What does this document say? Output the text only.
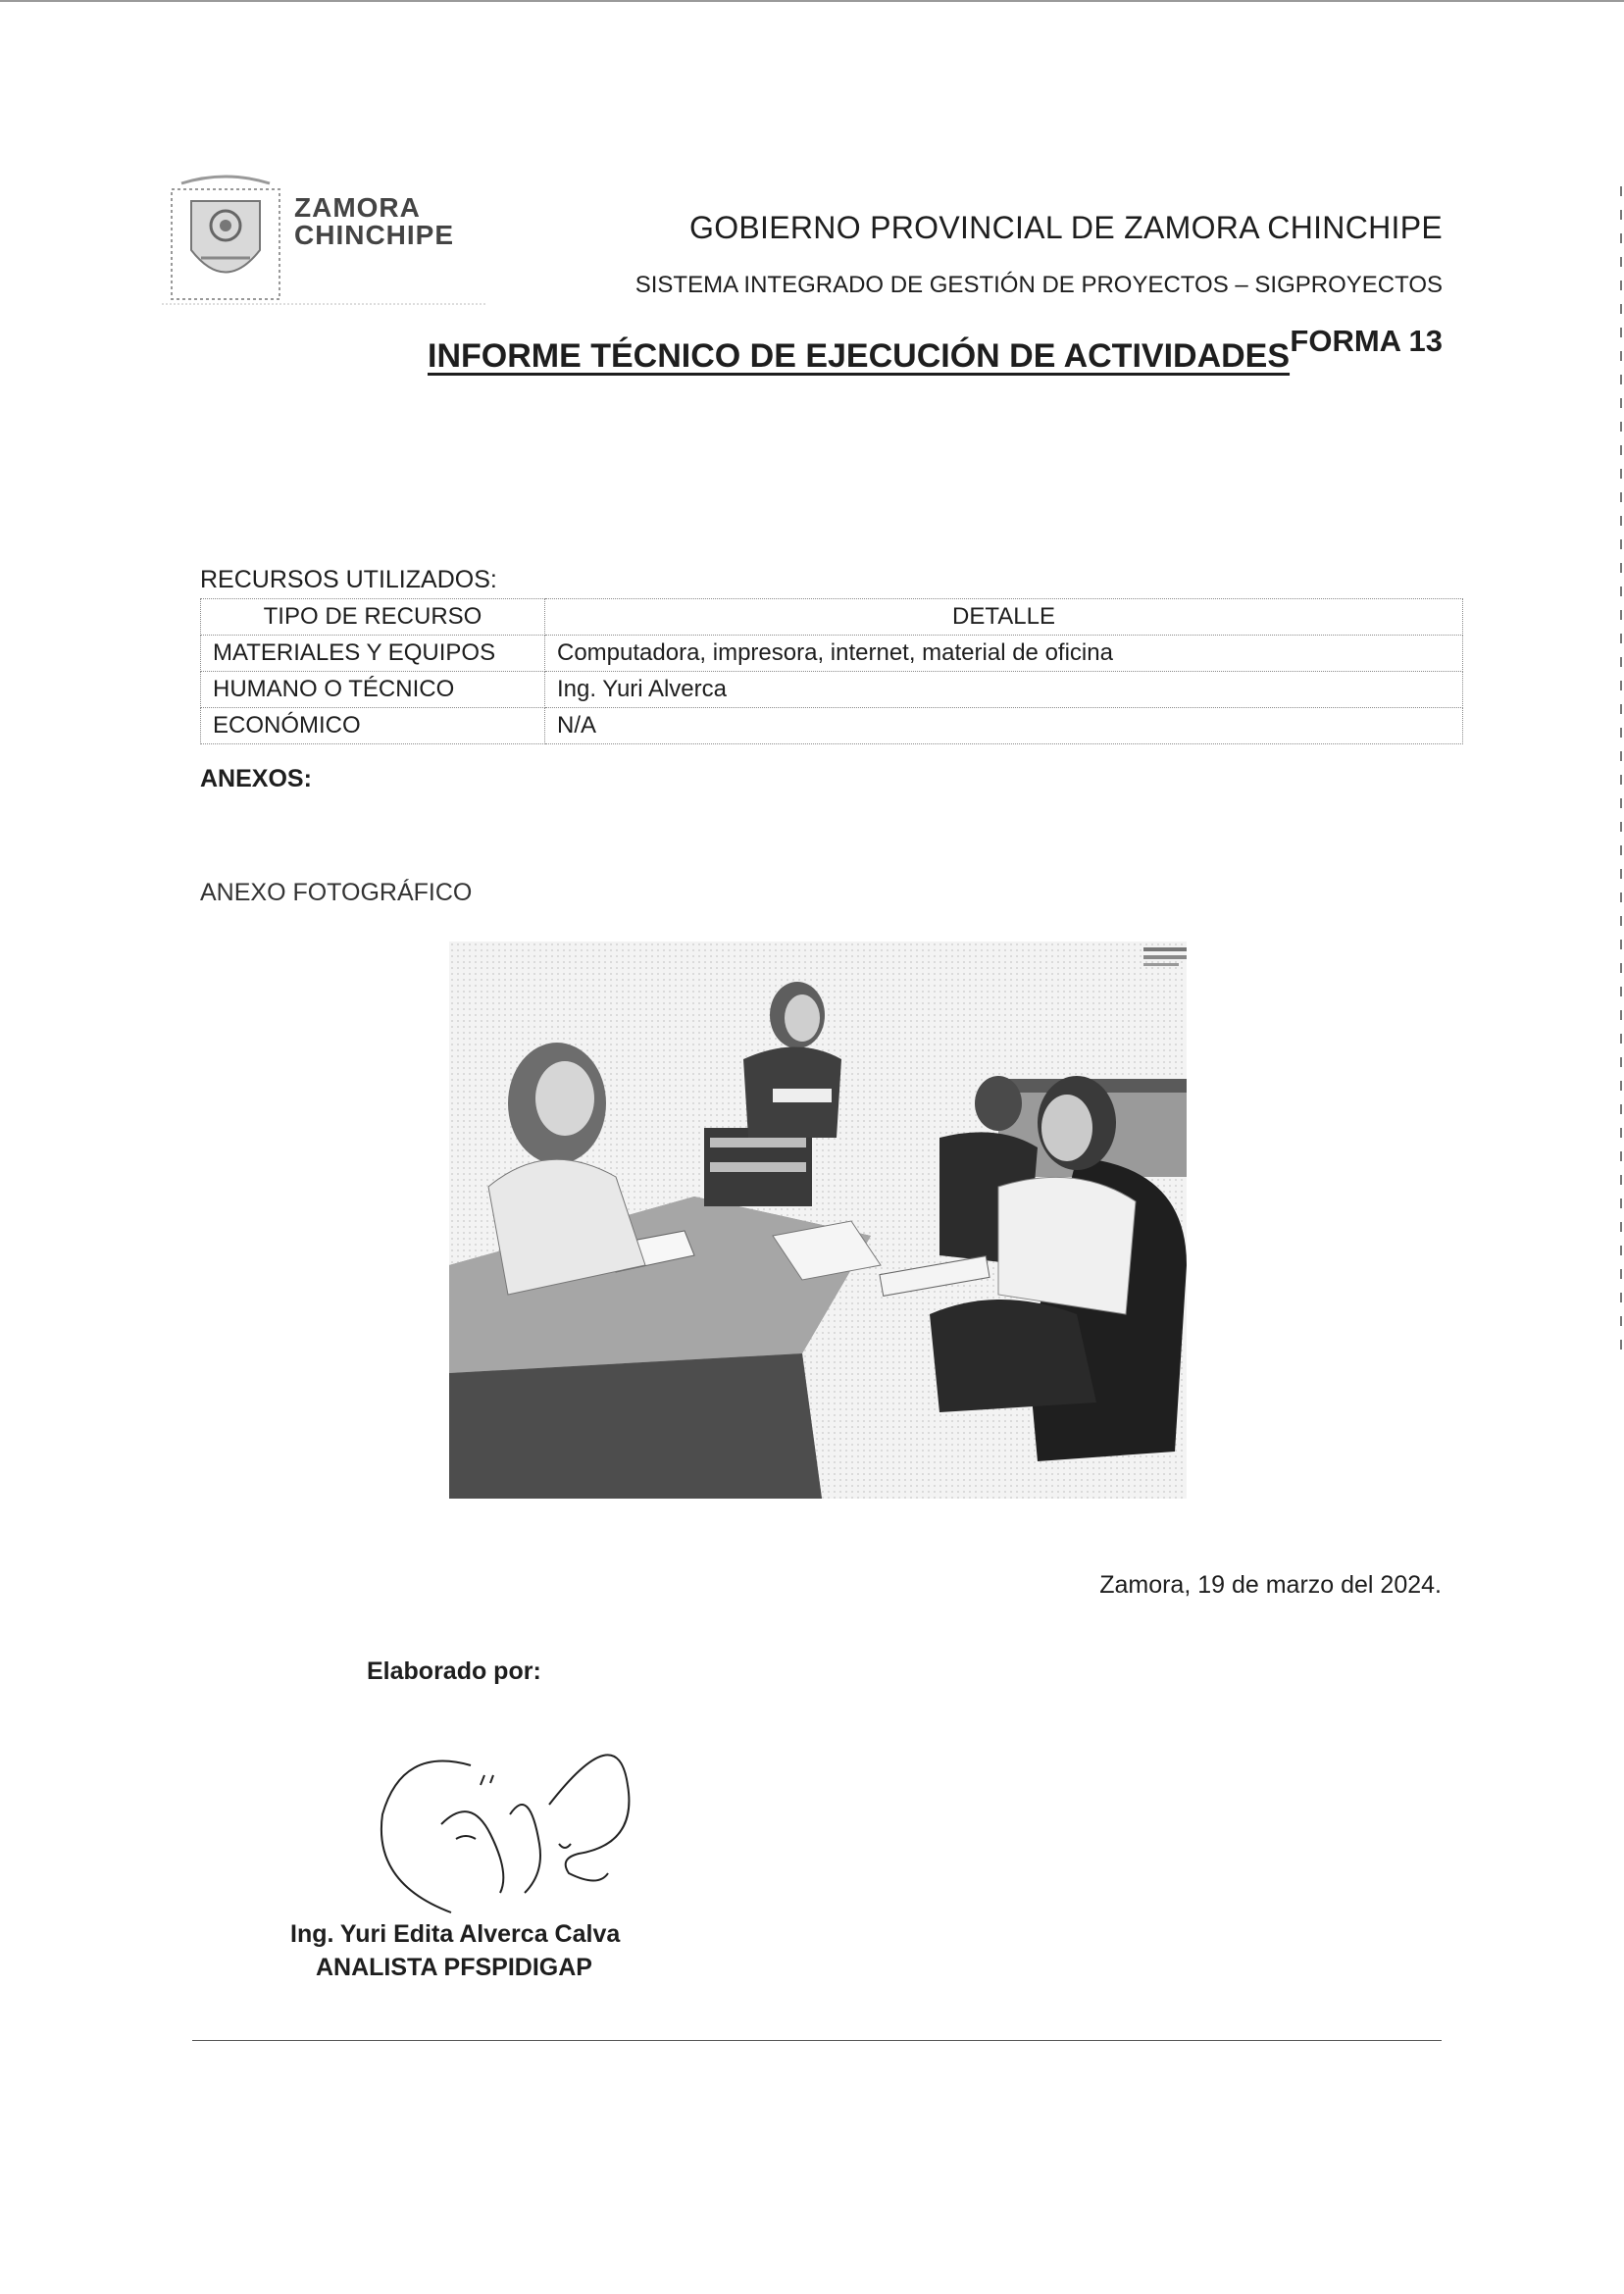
ZAMORA
CHINCHIPE	GOBIERNO PROVINCIAL DE ZAMORA CHINCHIPE
SISTEMA INTEGRADO DE GESTIÓN DE PROYECTOS – SIGPROYECTOS
FORMA 13
INFORME TÉCNICO DE EJECUCIÓN DE ACTIVIDADES
RECURSOS UTILIZADOS:
TIPO DE RECURSO	DETALLE
MATERIALES Y EQUIPOS	Computadora, impresora, internet, material de oficina
HUMANO O TÉCNICO	Ing. Yuri Alverca
ECONÓMICO	N/A
ANEXOS:
ANEXO FOTOGRÁFICO
Zamora, 19 de marzo del 2024.
Elaborado por:
Ing. Yuri Edita Alverca Calva
ANALISTA PFSPIDIGAP
